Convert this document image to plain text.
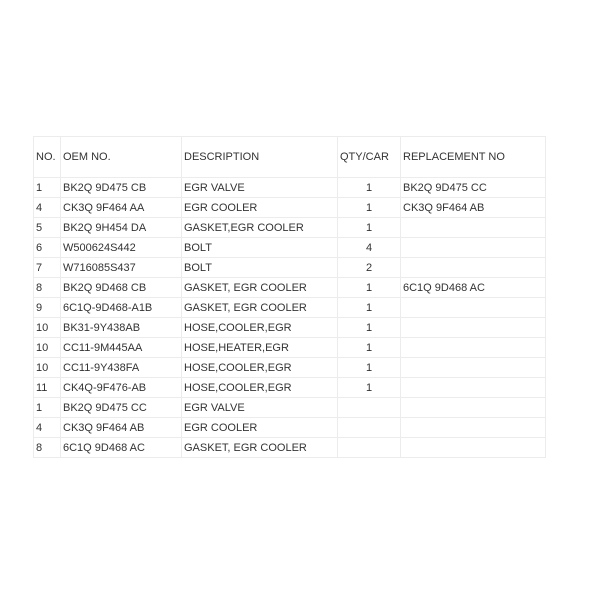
NO.	OEM NO.	DESCRIPTION	QTY/CAR	REPLACEMENT NO
1	BK2Q 9D475 CB	EGR VALVE	1	BK2Q 9D475 CC
4	CK3Q 9F464 AA	EGR COOLER	1	CK3Q 9F464 AB
5	BK2Q 9H454 DA	GASKET,EGR COOLER	1	
6	W500624S442	BOLT	4	
7	W716085S437	BOLT	2	
8	BK2Q 9D468 CB	GASKET, EGR COOLER	1	6C1Q 9D468 AC
9	6C1Q-9D468-A1B	GASKET, EGR COOLER	1	
10	BK31-9Y438AB	HOSE,COOLER,EGR	1	
10	CC11-9M445AA	HOSE,HEATER,EGR	1	
10	CC11-9Y438FA	HOSE,COOLER,EGR	1	
11	CK4Q-9F476-AB	HOSE,COOLER,EGR	1	
1	BK2Q 9D475 CC	EGR VALVE		
4	CK3Q 9F464 AB	EGR COOLER		
8	6C1Q 9D468 AC	GASKET, EGR COOLER		
